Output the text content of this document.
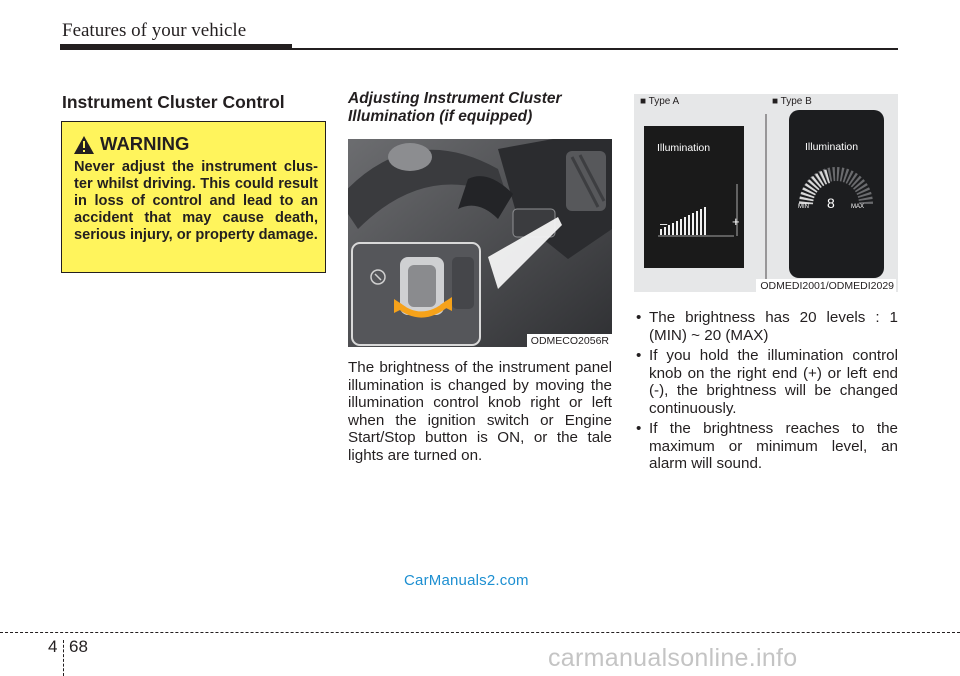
Features of your vehicle
Instrument Cluster Control
WARNING
Never adjust the instrument clus-ter whilst driving. This could result in loss of control and lead to an accident that may cause death, serious injury, or property damage.
Adjusting Instrument Cluster
Illumination (if equipped)
ODMECO2056R
The brightness of the instrument panel illumination is changed by moving the illumination control knob right or left when the ignition switch or Engine Start/Stop button is ON, or the tale lights are turned on.
■ Type A	■ Type B
Illumination
–	+
Illumination
8
MIN	MAX
ODMEDI2001/ODMEDI2029
• The brightness has 20 levels : 1 (MIN) ~ 20 (MAX)
• If you hold the illumination control knob on the right end (+) or left end (-), the brightness will be changed continuously.
• If the brightness reaches to the maximum or minimum level, an alarm will sound.
CarManuals2.com
4 68	carmanualsonline.info
